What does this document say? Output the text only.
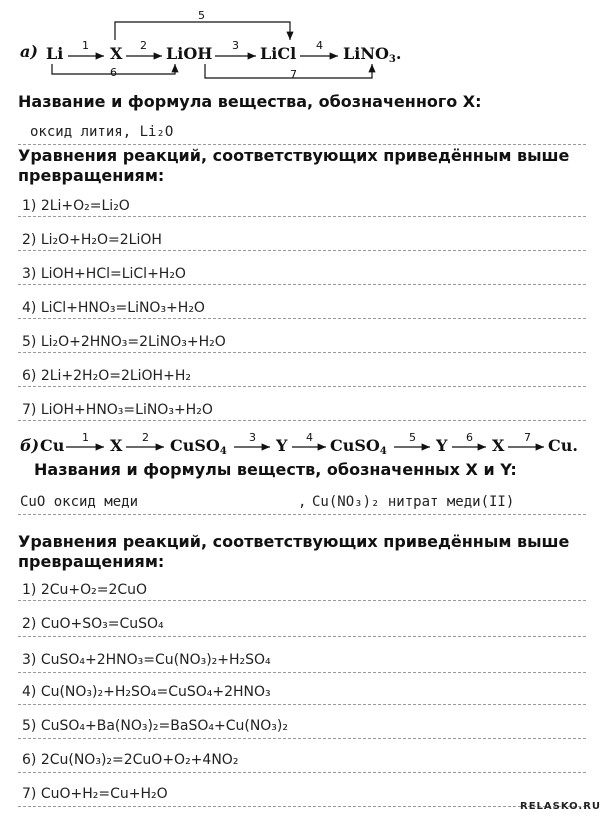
а) Li	X	LiOH	LiCl	LiNO$_3$.
1	2	3	4
5
6	7
Название и формула вещества, обозначенного X:
оксид лития, Li₂O
Уравнения реакций, соответствующих приведённым выше
превращениям:
1) 2Li+O₂=Li₂O
2) Li₂O+H₂O=2LiOH
3) LiOH+HCl=LiCl+H₂O
4) LiCl+HNO₃=LiNO₃+H₂O
5) Li₂O+2HNO₃=2LiNO₃+H₂O
6) 2Li+2H₂O=2LiOH+H₂
7) LiOH+HNO₃=LiNO₃+H₂O
б) Cu	X	CuSO$_4$	Y	CuSO$_4$	Y	X	Cu.
1	2	3	4	5	6	7
Названия и формулы веществ, обозначенных X и Y:
CuO оксид меди	, Cu(NO₃)₂ нитрат меди(II)
Уравнения реакций, соответствующих приведённым выше
превращениям:
1) 2Cu+O₂=2CuO
2) CuO+SO₃=CuSO₄
3) CuSO₄+2HNO₃=Cu(NO₃)₂+H₂SO₄
4) Cu(NO₃)₂+H₂SO₄=CuSO₄+2HNO₃
5) CuSO₄+Ba(NO₃)₂=BaSO₄+Cu(NO₃)₂
6) 2Cu(NO₃)₂=2CuO+O₂+4NO₂
7) CuO+H₂=Cu+H₂O
RELASKO.RU
